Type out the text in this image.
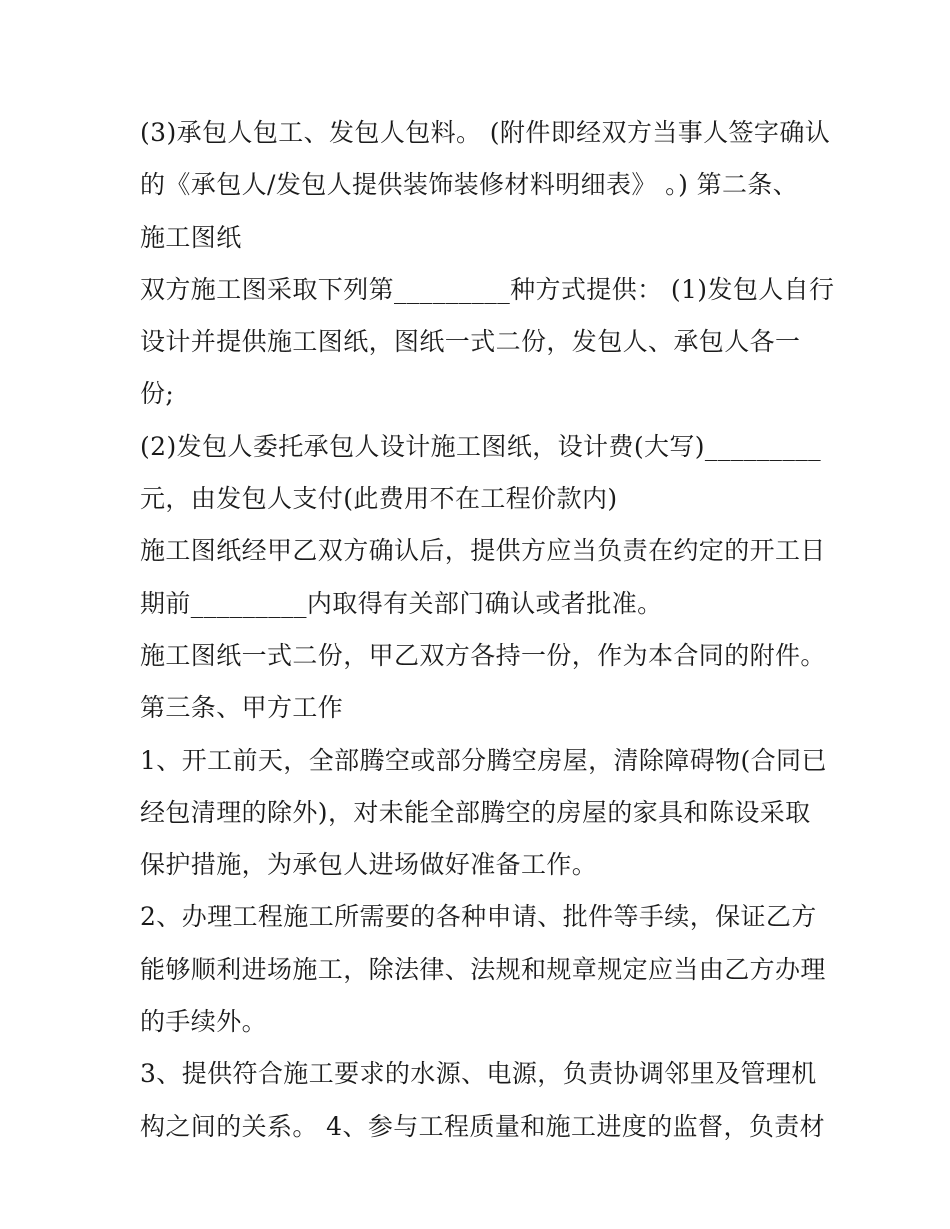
(3)承包人包工、发包人包料。 (附件即经双方当事人签字确认
的《承包人/发包人提供装饰装修材料明细表》 。) 第二条、
施工图纸
双方施工图采取下列第_________种方式提供： (1)发包人自行
设计并提供施工图纸，图纸一式二份，发包人、承包人各一
份;
(2)发包人委托承包人设计施工图纸，设计费(大写)_________
元，由发包人支付(此费用不在工程价款内)
施工图纸经甲乙双方确认后，提供方应当负责在约定的开工日
期前_________内取得有关部门确认或者批准。
施工图纸一式二份，甲乙双方各持一份，作为本合同的附件。
第三条、甲方工作
1、开工前天，全部腾空或部分腾空房屋，清除障碍物(合同已
经包清理的除外)，对未能全部腾空的房屋的家具和陈设采取
保护措施，为承包人进场做好准备工作。
2、办理工程施工所需要的各种申请、批件等手续，保证乙方
能够顺利进场施工，除法律、法规和规章规定应当由乙方办理
的手续外。
3、提供符合施工要求的水源、电源，负责协调邻里及管理机
构之间的关系。 4、参与工程质量和施工进度的监督，负责材
